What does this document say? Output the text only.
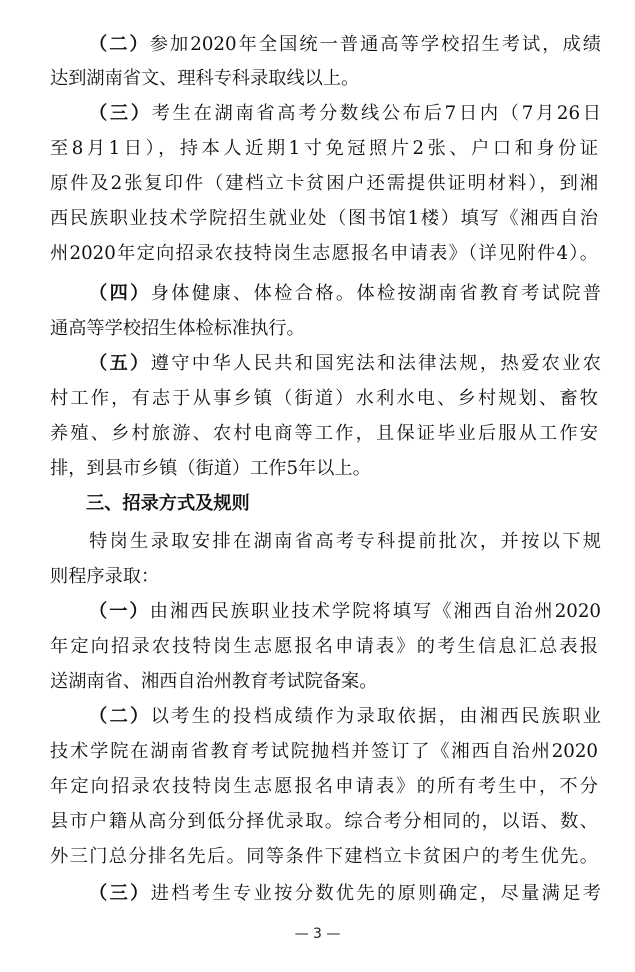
（二）参加2020年全国统一普通高等学校招生考试，成绩
达到湖南省文、理科专科录取线以上。
（三）考生在湖南省高考分数线公布后7日内（7月26日
至8月1日），持本人近期1寸免冠照片2张、户口和身份证
原件及2张复印件（建档立卡贫困户还需提供证明材料），到湘
西民族职业技术学院招生就业处（图书馆1楼）填写《湘西自治
州2020年定向招录农技特岗生志愿报名申请表》（详见附件4）。
（四）身体健康、体检合格。体检按湖南省教育考试院普
通高等学校招生体检标准执行。
（五）遵守中华人民共和国宪法和法律法规，热爱农业农
村工作，有志于从事乡镇（街道）水利水电、乡村规划、畜牧
养殖、乡村旅游、农村电商等工作，且保证毕业后服从工作安
排，到县市乡镇（街道）工作5年以上。
三、招录方式及规则
特岗生录取安排在湖南省高考专科提前批次，并按以下规
则程序录取：
（一）由湘西民族职业技术学院将填写《湘西自治州2020
年定向招录农技特岗生志愿报名申请表》的考生信息汇总表报
送湖南省、湘西自治州教育考试院备案。
（二）以考生的投档成绩作为录取依据，由湘西民族职业
技术学院在湖南省教育考试院抛档并签订了《湘西自治州2020
年定向招录农技特岗生志愿报名申请表》的所有考生中，不分
县市户籍从高分到低分择优录取。综合考分相同的，以语、数、
外三门总分排名先后。同等条件下建档立卡贫困户的考生优先。
（三）进档考生专业按分数优先的原则确定，尽量满足考
— 3 —
